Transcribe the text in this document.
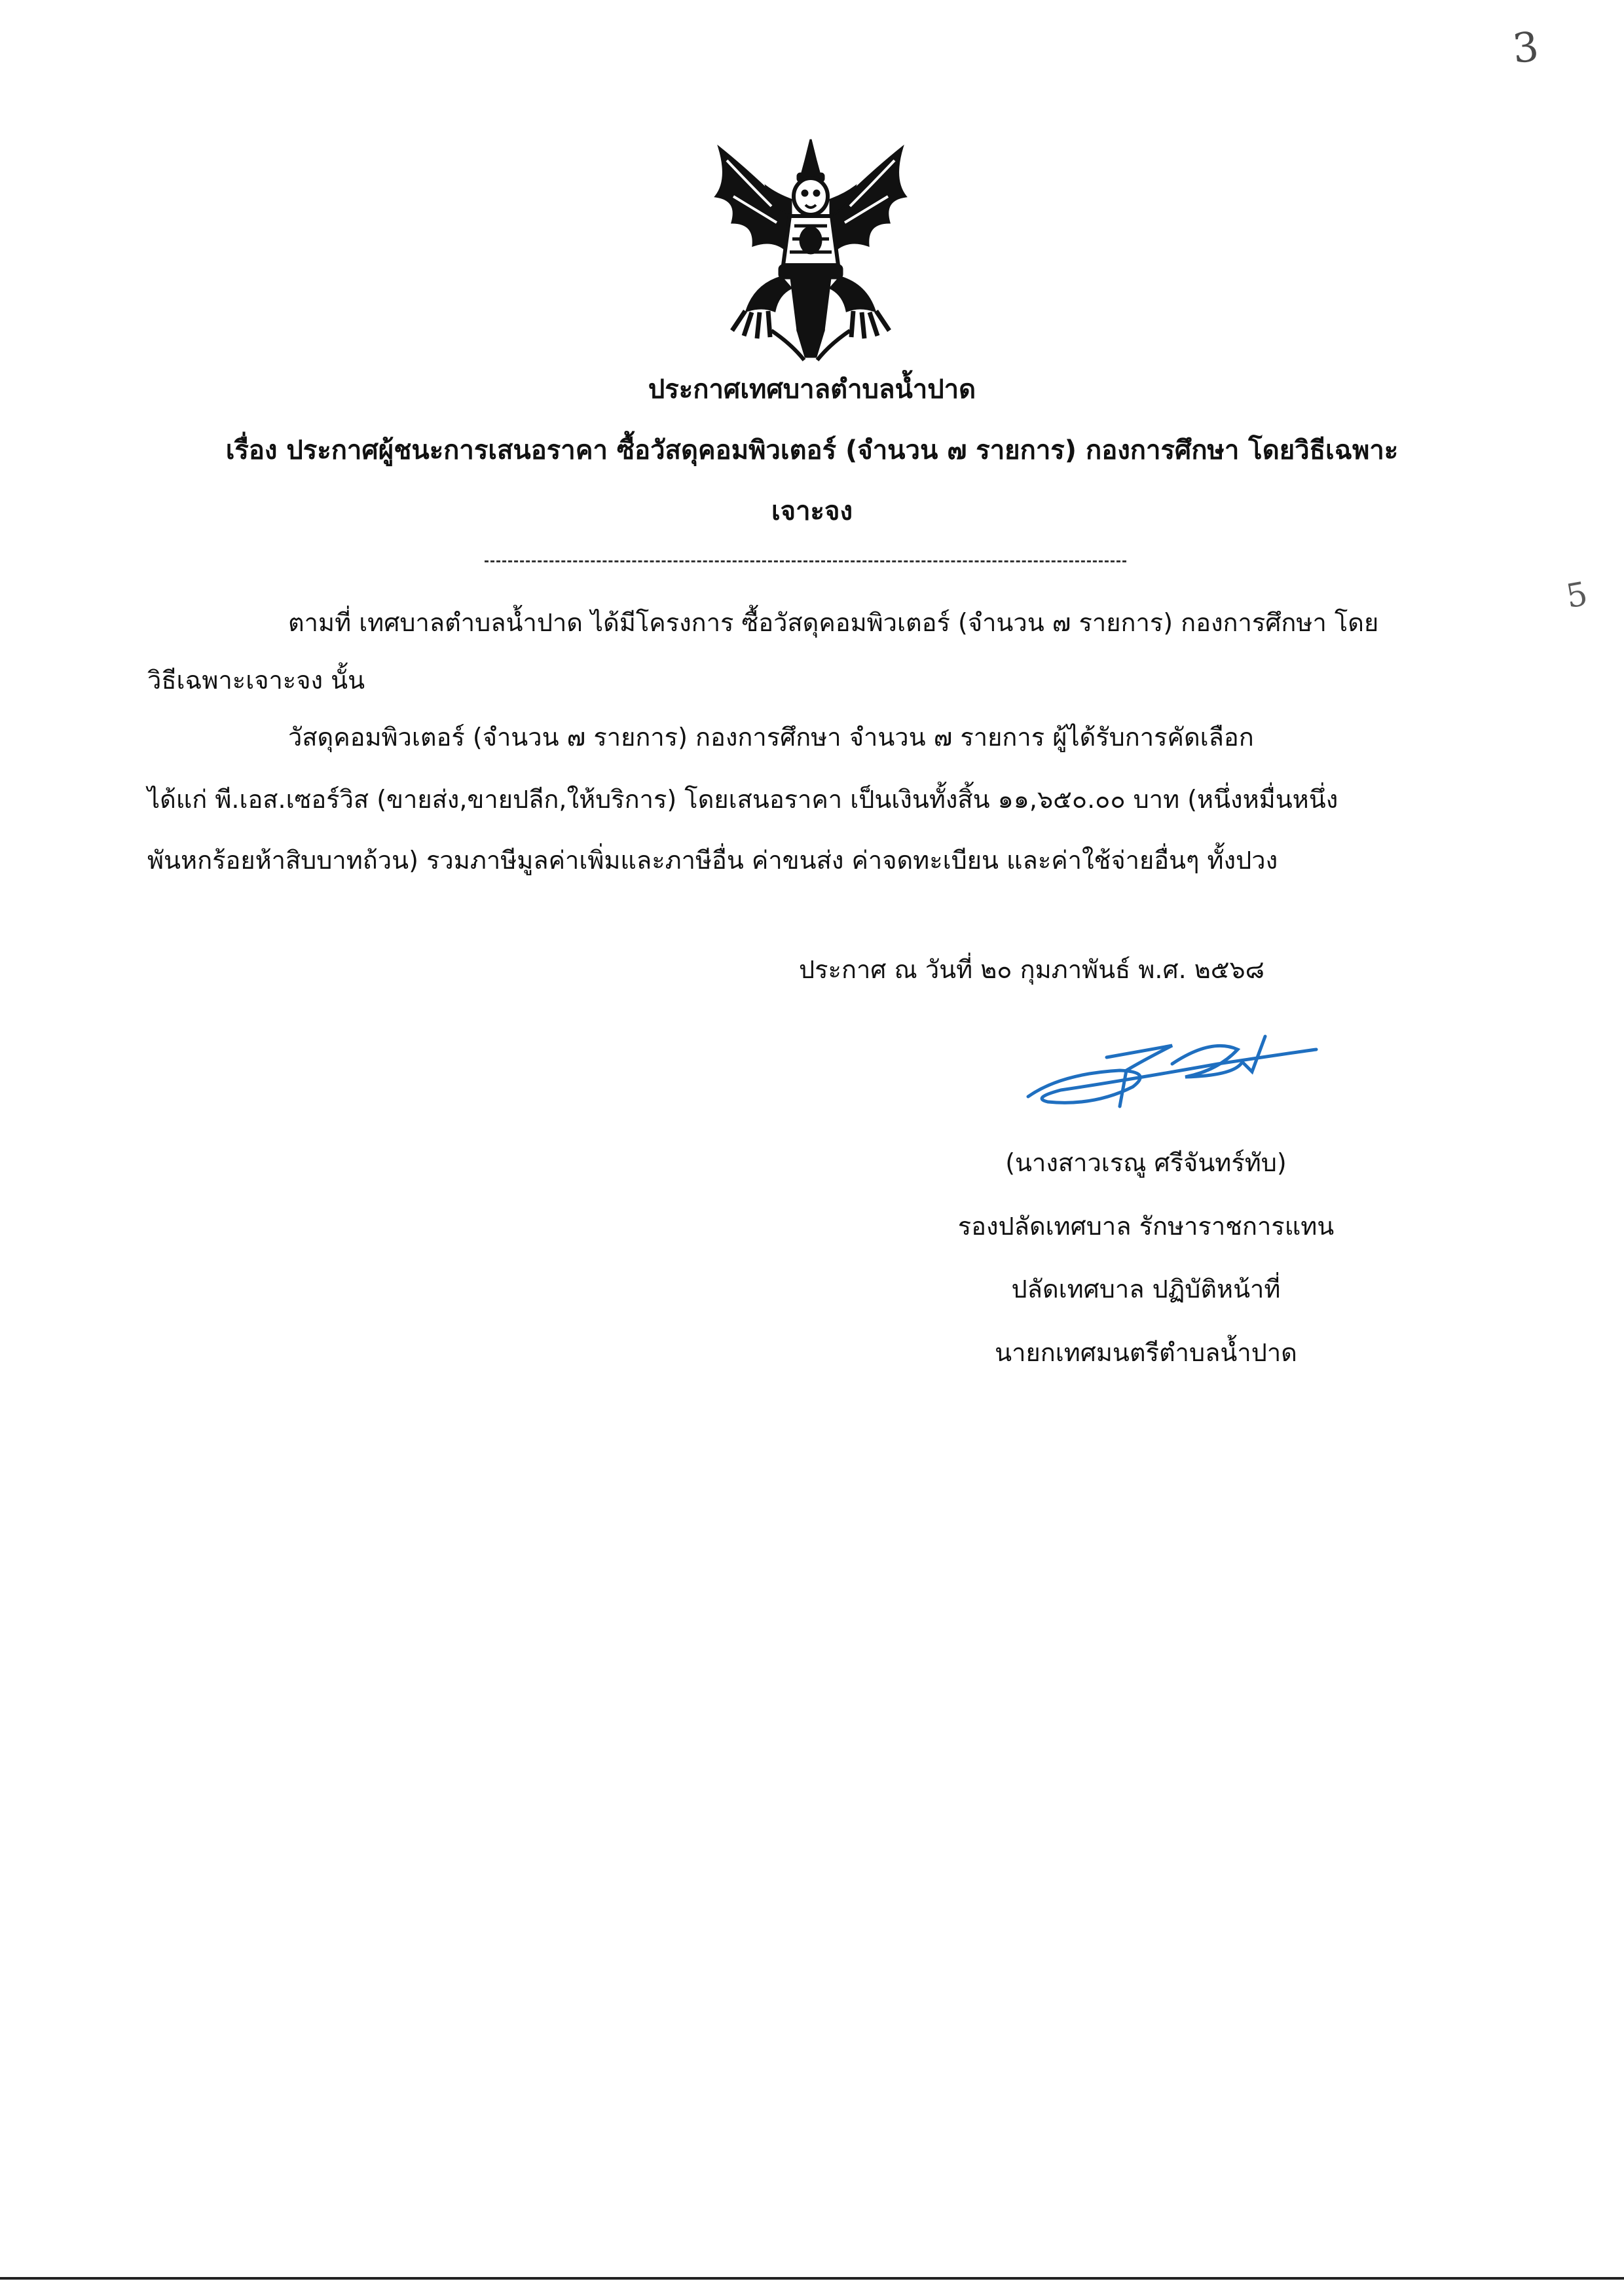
3
5
ประกาศเทศบาลตำบลน้ำปาด
เรื่อง ประกาศผู้ชนะการเสนอราคา ซื้อวัสดุคอมพิวเตอร์ (จำนวน ๗ รายการ) กองการศึกษา โดยวิธีเฉพาะ
เจาะจง
ตามที่ เทศบาลตำบลน้ำปาด ได้มีโครงการ ซื้อวัสดุคอมพิวเตอร์ (จำนวน ๗ รายการ) กองการศึกษา โดย
วิธีเฉพาะเจาะจง นั้น
วัสดุคอมพิวเตอร์ (จำนวน ๗ รายการ) กองการศึกษา จำนวน ๗ รายการ ผู้ได้รับการคัดเลือก
ได้แก่ พี.เอส.เซอร์วิส (ขายส่ง,ขายปลีก,ให้บริการ) โดยเสนอราคา เป็นเงินทั้งสิ้น ๑๑,๖๕๐.๐๐ บาท (หนึ่งหมื่นหนึ่ง
พันหกร้อยห้าสิบบาทถ้วน) รวมภาษีมูลค่าเพิ่มและภาษีอื่น ค่าขนส่ง ค่าจดทะเบียน และค่าใช้จ่ายอื่นๆ ทั้งปวง
ประกาศ ณ วันที่ ๒๐ กุมภาพันธ์ พ.ศ. ๒๕๖๘
(นางสาวเรณู ศรีจันทร์ทับ)
รองปลัดเทศบาล รักษาราชการแทน
ปลัดเทศบาล ปฏิบัติหน้าที่
นายกเทศมนตรีตำบลน้ำปาด
